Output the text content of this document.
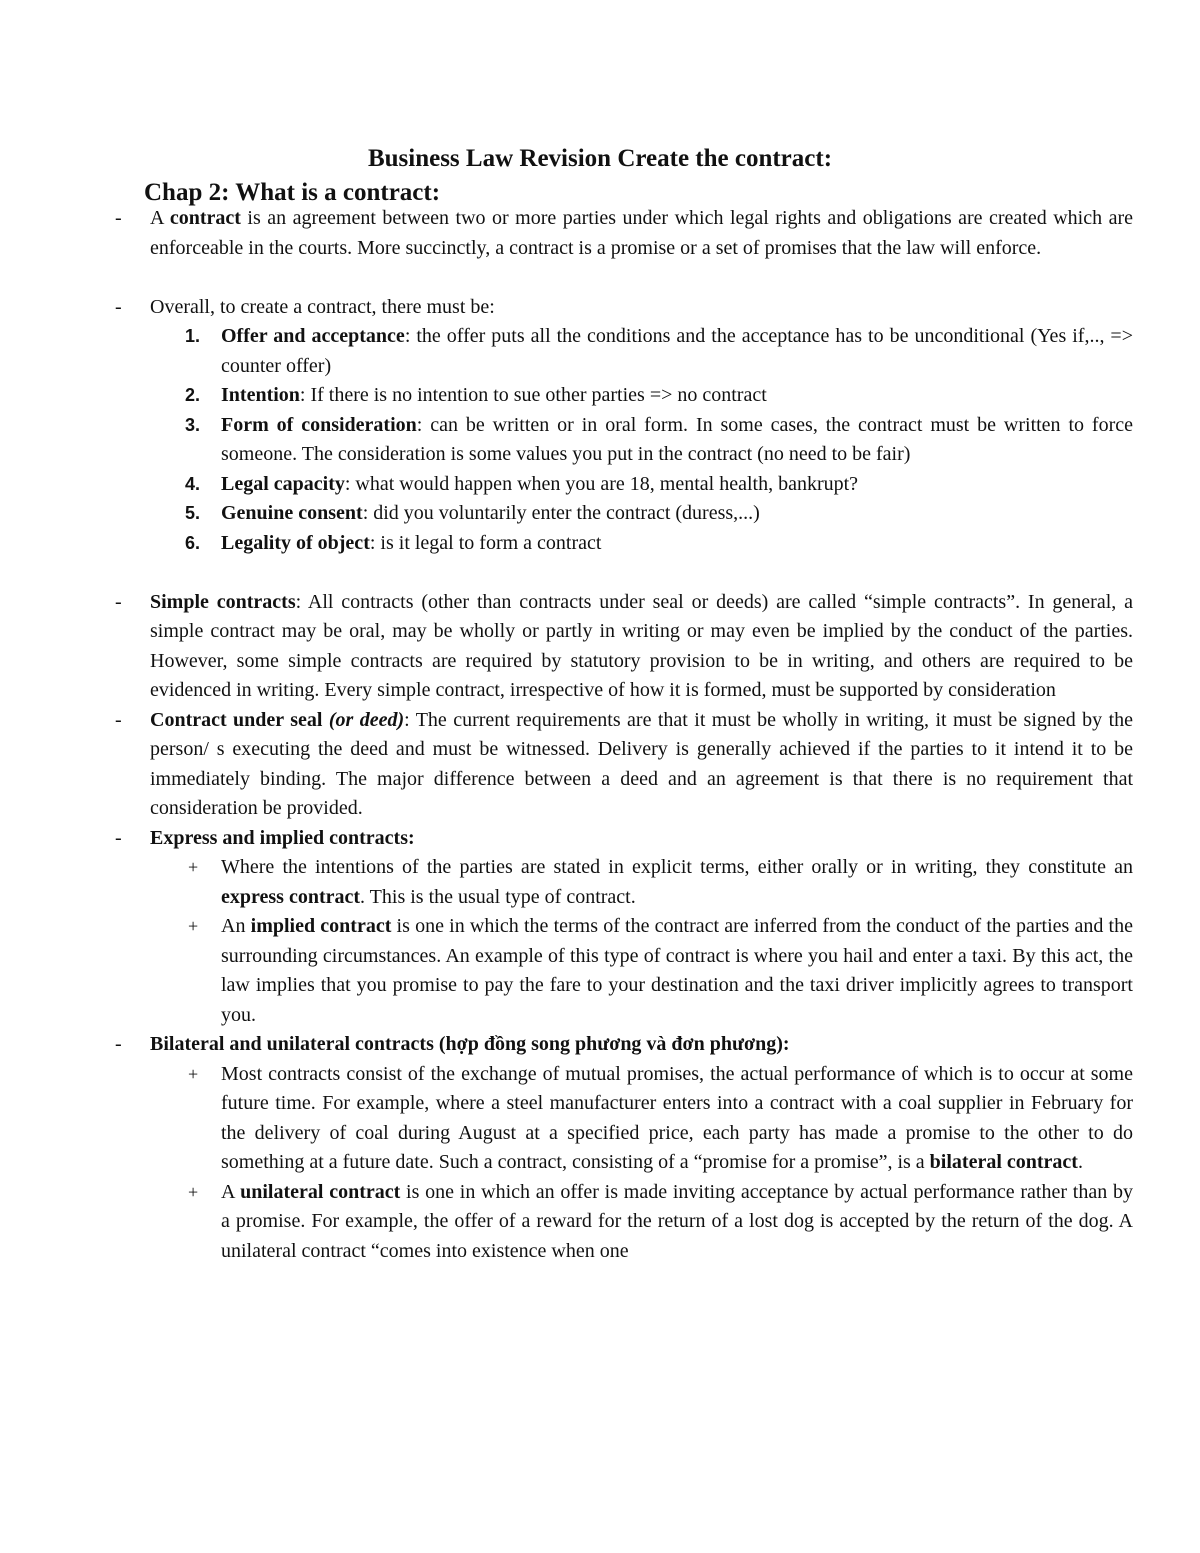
Business Law Revision Create the contract:
Chap 2: What is a contract:
-	A contract is an agreement between two or more parties under which legal rights and obligations are created which are enforceable in the courts. More succinctly, a contract is a promise or a set of promises that the law will enforce.
-	Overall, to create a contract, there must be:
1.	Offer and acceptance: the offer puts all the conditions and the acceptance has to be unconditional (Yes if,.., => counter offer)
2.	Intention: If there is no intention to sue other parties => no contract
3.	Form of consideration: can be written or in oral form. In some cases, the contract must be written to force someone. The consideration is some values you put in the contract (no need to be fair)
4.	Legal capacity: what would happen when you are 18, mental health, bankrupt?
5.	Genuine consent: did you voluntarily enter the contract (duress,...)
6.	Legality of object: is it legal to form a contract
-	Simple contracts: All contracts (other than contracts under seal or deeds) are called “simple contracts”. In general, a simple contract may be oral, may be wholly or partly in writing or may even be implied by the conduct of the parties. However, some simple contracts are required by statutory provision to be in writing, and others are required to be evidenced in writing. Every simple contract, irrespective of how it is formed, must be supported by consideration
-	Contract under seal (or deed): The current requirements are that it must be wholly in writing, it must be signed by the person/ s executing the deed and must be witnessed. Delivery is generally achieved if the parties to it intend it to be immediately binding. The major difference between a deed and an agreement is that there is no requirement that consideration be provided.
-	Express and implied contracts:
+	Where the intentions of the parties are stated in explicit terms, either orally or in writing, they constitute an express contract. This is the usual type of contract.
+	An implied contract is one in which the terms of the contract are inferred from the conduct of the parties and the surrounding circumstances. An example of this type of contract is where you hail and enter a taxi. By this act, the law implies that you promise to pay the fare to your destination and the taxi driver implicitly agrees to transport you.
-	Bilateral and unilateral contracts (hợp đồng song phương và đơn phương):
+	Most contracts consist of the exchange of mutual promises, the actual performance of which is to occur at some future time. For example, where a steel manufacturer enters into a contract with a coal supplier in February for the delivery of coal during August at a specified price, each party has made a promise to the other to do something at a future date. Such a contract, consisting of a “promise for a promise”, is a bilateral contract.
+	A unilateral contract is one in which an offer is made inviting acceptance by actual performance rather than by a promise. For example, the offer of a reward for the return of a lost dog is accepted by the return of the dog. A unilateral contract “comes into existence when one
